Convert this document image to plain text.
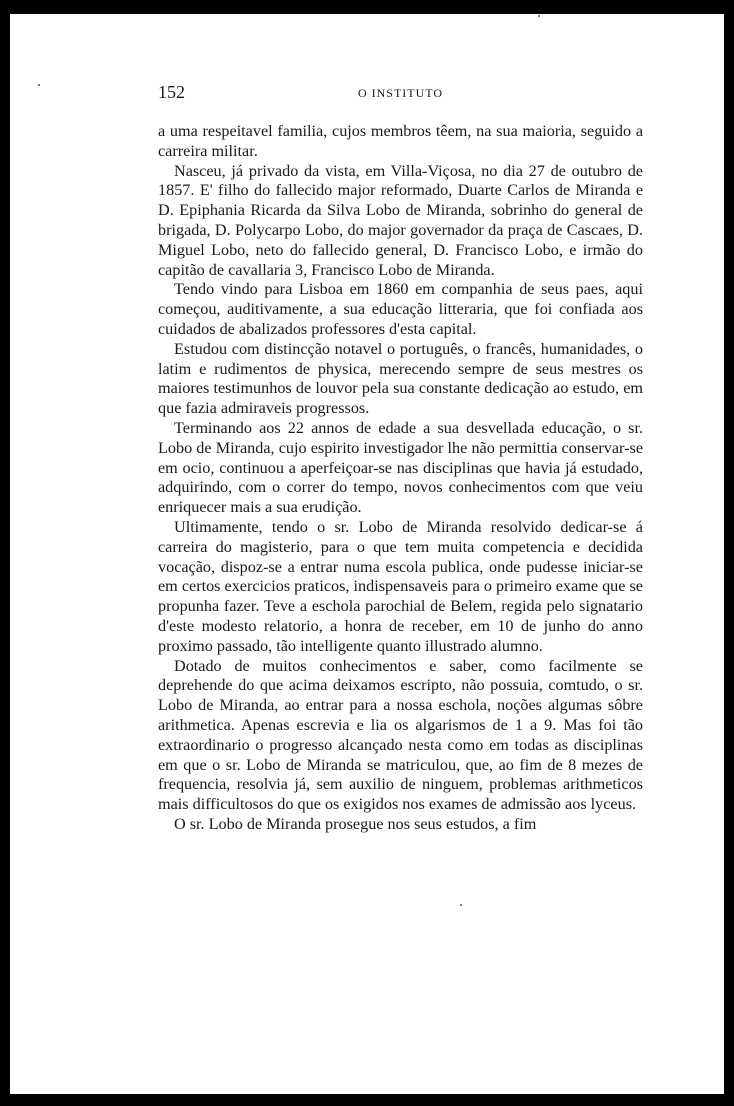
152	O INSTITUTO

a uma respeitavel familia, cujos membros têem, na sua maioria, seguido a carreira militar.

Nasceu, já privado da vista, em Villa-Viçosa, no dia 27 de outubro de 1857. E' filho do fallecido major reformado, Duarte Carlos de Miranda e D. Epiphania Ricarda da Silva Lobo de Miranda, sobrinho do general de brigada, D. Polycarpo Lobo, do major governador da praça de Cascaes, D. Miguel Lobo, neto do fallecido general, D. Francisco Lobo, e irmão do capitão de cavallaria 3, Francisco Lobo de Miranda.

Tendo vindo para Lisboa em 1860 em companhia de seus paes, aqui começou, auditivamente, a sua educação litteraria, que foi confiada aos cuidados de abalizados professores d'esta capital.

Estudou com distincção notavel o português, o francês, humanidades, o latim e rudimentos de physica, merecendo sempre de seus mestres os maiores testimunhos de louvor pela sua constante dedicação ao estudo, em que fazia admiraveis progressos.

Terminando aos 22 annos de edade a sua desvellada educação, o sr. Lobo de Miranda, cujo espirito investigador lhe não permittia conservar-se em ocio, continuou a aperfeiçoar-se nas disciplinas que havia já estudado, adquirindo, com o correr do tempo, novos conhecimentos com que veiu enriquecer mais a sua erudição.

Ultimamente, tendo o sr. Lobo de Miranda resolvido dedicar-se á carreira do magisterio, para o que tem muita competencia e decidida vocação, dispoz-se a entrar numa escola publica, onde pudesse iniciar-se em certos exercicios praticos, indispensaveis para o primeiro exame que se propunha fazer. Teve a eschola parochial de Belem, regida pelo signatario d'este modesto relatorio, a honra de receber, em 10 de junho do anno proximo passado, tão intelligente quanto illustrado alumno.

Dotado de muitos conhecimentos e saber, como facilmente se deprehende do que acima deixamos escripto, não possuia, comtudo, o sr. Lobo de Miranda, ao entrar para a nossa eschola, noções algumas sôbre arithmetica. Apenas escrevia e lia os algarismos de 1 a 9. Mas foi tão extraordinario o progresso alcançado nesta como em todas as disciplinas em que o sr. Lobo de Miranda se matriculou, que, ao fim de 8 mezes de frequencia, resolvia já, sem auxilio de ninguem, problemas arithmeticos mais difficultosos do que os exigidos nos exames de admissão aos lyceus.

O sr. Lobo de Miranda prosegue nos seus estudos, a fim
